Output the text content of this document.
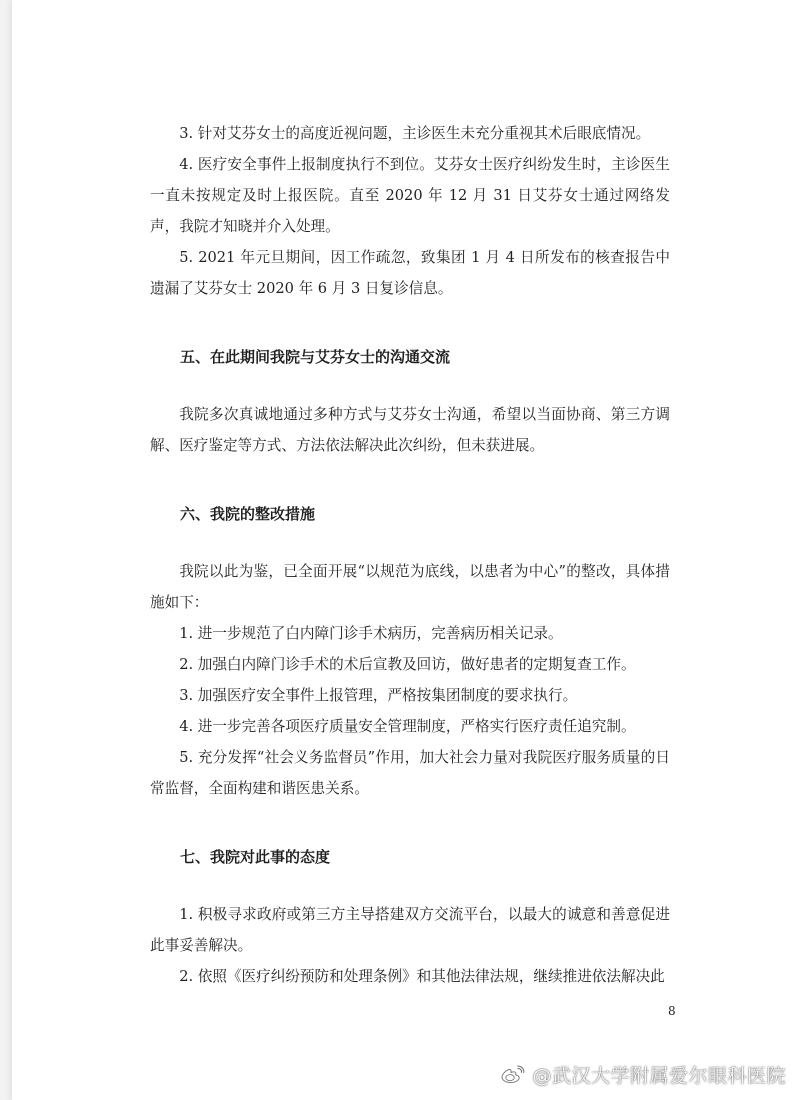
3. 针对艾芬女士的高度近视问题，主诊医生未充分重视其术后眼底情况。

4. 医疗安全事件上报制度执行不到位。艾芬女士医疗纠纷发生时，主诊医生一直未按规定及时上报医院。直至 2020 年 12 月 31 日艾芬女士通过网络发声，我院才知晓并介入处理。

5. 2021 年元旦期间，因工作疏忽，致集团 1 月 4 日所发布的核查报告中遗漏了艾芬女士 2020 年 6 月 3 日复诊信息。

五、在此期间我院与艾芬女士的沟通交流

我院多次真诚地通过多种方式与艾芬女士沟通，希望以当面协商、第三方调解、医疗鉴定等方式、方法依法解决此次纠纷，但未获进展。

六、我院的整改措施

我院以此为鉴，已全面开展“以规范为底线，以患者为中心”的整改，具体措施如下：

1. 进一步规范了白内障门诊手术病历，完善病历相关记录。

2. 加强白内障门诊手术的术后宣教及回访，做好患者的定期复查工作。

3. 加强医疗安全事件上报管理，严格按集团制度的要求执行。

4. 进一步完善各项医疗质量安全管理制度，严格实行医疗责任追究制。

5. 充分发挥“社会义务监督员”作用，加大社会力量对我院医疗服务质量的日常监督，全面构建和谐医患关系。

七、我院对此事的态度

1. 积极寻求政府或第三方主导搭建双方交流平台，以最大的诚意和善意促进此事妥善解决。

2. 依照《医疗纠纷预防和处理条例》和其他法律法规，继续推进依法解决此

8
@武汉大学附属爱尔眼科医院
